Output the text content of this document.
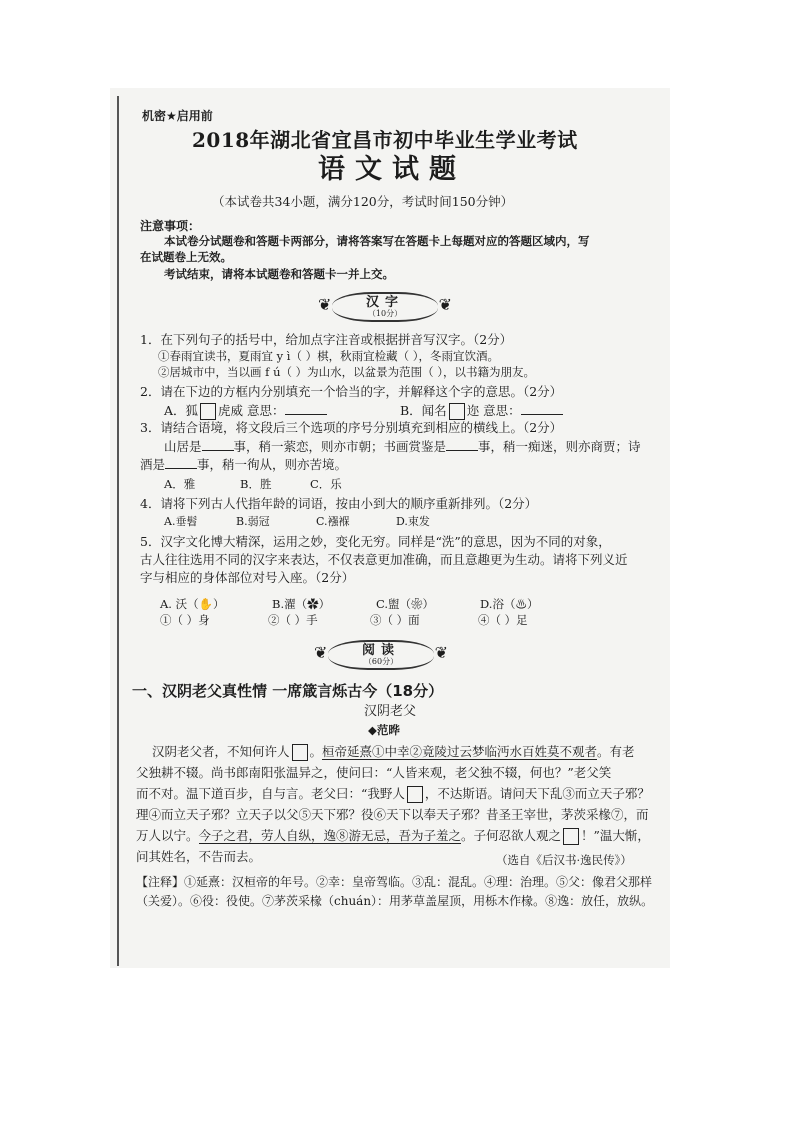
机密★启用前
2018年湖北省宜昌市初中毕业生学业考试
语文试题
（本试卷共34小题，满分120分，考试时间150分钟）
注意事项：
本试卷分试题卷和答题卡两部分，请将答案写在答题卡上每题对应的答题区域内，写
在试题卷上无效。
考试结束，请将本试题卷和答题卡一并上交。
❦	汉字
（10分）	❦
1．在下列句子的括号中，给加点字注音或根据拼音写汉字。（2分）
①春雨宜读书，夏雨宜 y ì（ ）棋，秋雨宜检藏（ ），冬雨宜饮酒。
②居城市中，当以画 f ú（ ）为山水，以盆景为范围（ ），以书籍为朋友。
2．请在下边的方框内分别填充一个恰当的字，并解释这个字的意思。（2分）
A．狐 虎威 意思：	B．闻名 迩 意思：
3．请结合语境，将文段后三个选项的序号分别填充到相应的横线上。（2分）
山居是	事，稍一萦恋，则亦市朝；书画赏鉴是	事，稍一痴迷，则亦商贾；诗
酒是	事，稍一徇从，则亦苦境。
A．雅	B．胜	C．乐
4．请将下列古人代指年龄的词语，按由小到大的顺序重新排列。（2分）
A.垂髫	B.弱冠	C.襁褓	D.束发
5．汉字文化博大精深，运用之妙，变化无穷。同样是“洗”的意思，因为不同的对象，
古人往往选用不同的汉字来表达，不仅表意更加准确，而且意趣更为生动。请将下列义近
字与相应的身体部位对号入座。（2分）
A. 沃（✋）	B.濯（✿）	C.盥（❀）	D.浴（♨）
①（ ）身	②（ ）手	③（ ）面	④（ ）足
❦	阅读
（60分）	❦
一、汉阴老父真性情 一席箴言烁古今（18分）
汉阴老父
◆范晔
汉阴老父者，不知何许人 。桓帝延熹①中幸②竟陵过云梦临沔水百姓莫不观者。有老
父独耕不辍。尚书郎南阳张温异之，使问曰：“人皆来观，老父独不辍，何也？”老父笑
而不对。温下道百步，自与言。老父曰：“我野人 ，不达斯语。请问天下乱③而立天子邪？
理④而立天子邪？立天子以父⑤天下邪？役⑥天下以奉天子邪？昔圣王宰世，茅茨采椽⑦，而
万人以宁。今子之君，劳人自纵，逸⑧游无忌，吾为子羞之。子何忍欲人观之 ！”温大惭，
问其姓名，不告而去。	（选自《后汉书·逸民传》）
【注释】①延熹：汉桓帝的年号。②幸：皇帝驾临。③乱：混乱。④理：治理。⑤父：像君父那样
（关爱）。⑥役：役使。⑦茅茨采椽（chuán）：用茅草盖屋顶，用栎木作椽。⑧逸：放任，放纵。
